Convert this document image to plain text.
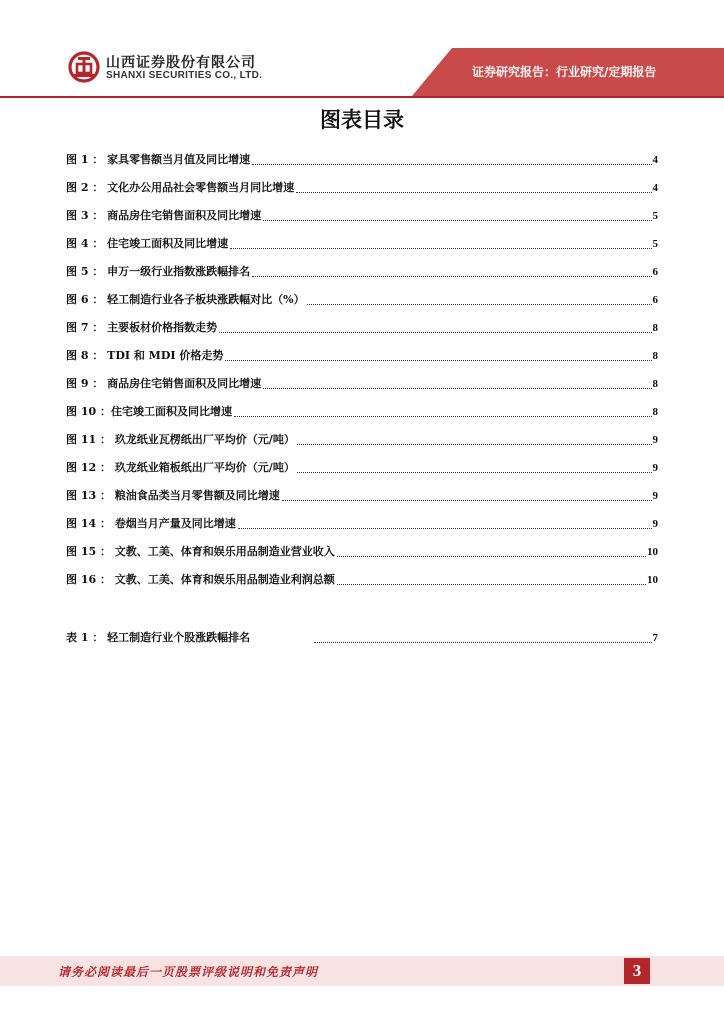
山西证券股份有限公司
SHANXI SECURITIES CO., LTD.	证券研究报告：行业研究/定期报告
图表目录
图 1 ： 家具零售额当月值及同比增速	4
图 2 ： 文化办公用品社会零售额当月同比增速	4
图 3 ： 商品房住宅销售面积及同比增速	5
图 4 ： 住宅竣工面积及同比增速	5
图 5 ： 申万一级行业指数涨跌幅排名	6
图 6 ： 轻工制造行业各子板块涨跌幅对比（%）	6
图 7 ： 主要板材价格指数走势	8
图 8 ： TDI 和 MDI 价格走势	8
图 9 ： 商品房住宅销售面积及同比增速	8
图 10 ：住宅竣工面积及同比增速	8
图 11 ： 玖龙纸业瓦楞纸出厂平均价（元/吨）	9
图 12 ： 玖龙纸业箱板纸出厂平均价（元/吨）	9
图 13 ： 粮油食品类当月零售额及同比增速	9
图 14 ： 卷烟当月产量及同比增速	9
图 15 ： 文教、工美、体育和娱乐用品制造业营业收入	10
图 16 ： 文教、工美、体育和娱乐用品制造业利润总额	10
表 1 ： 轻工制造行业个股涨跌幅排名	7
请务必阅读最后一页股票评级说明和免责声明	3
